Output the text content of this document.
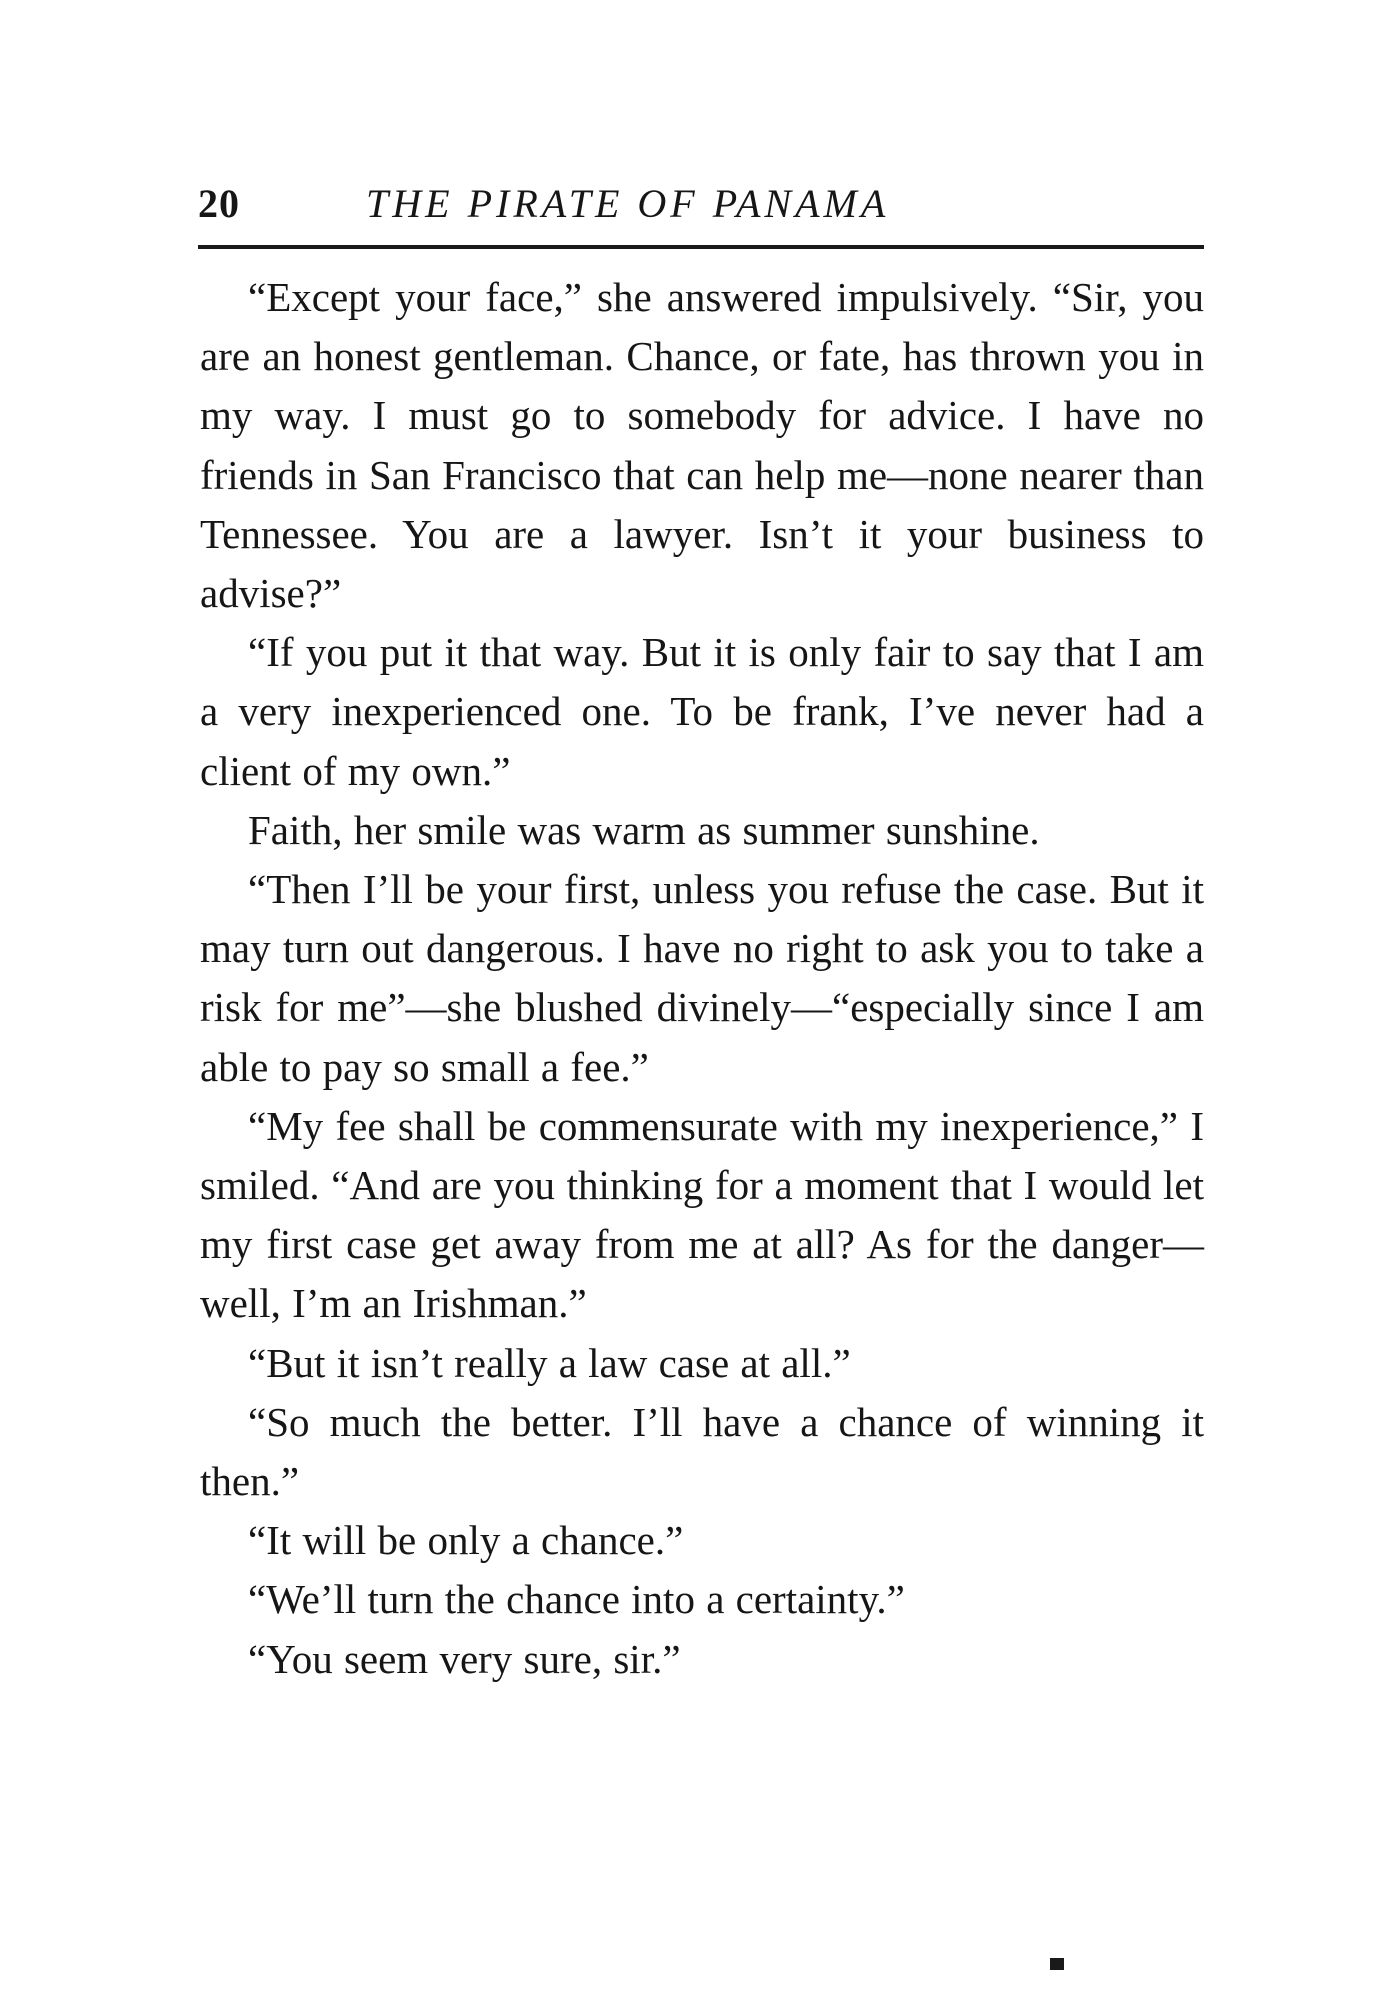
20	THE PIRATE OF PANAMA

“Except your face,” she answered impulsively. “Sir, you are an honest gentleman. Chance, or fate, has thrown you in my way. I must go to somebody for advice. I have no friends in San Francisco that can help me—none nearer than Tennessee. You are a lawyer. Isn’t it your business to advise?”

“If you put it that way. But it is only fair to say that I am a very inexperienced one. To be frank, I’ve never had a client of my own.”

Faith, her smile was warm as summer sunshine.

“Then I’ll be your first, unless you refuse the case. But it may turn out dangerous. I have no right to ask you to take a risk for me”—she blushed divinely—“especially since I am able to pay so small a fee.”

“My fee shall be commensurate with my inexperience,” I smiled. “And are you thinking for a moment that I would let my first case get away from me at all? As for the danger—well, I’m an Irishman.”

“But it isn’t really a law case at all.”

“So much the better. I’ll have a chance of winning it then.”

“It will be only a chance.”

“We’ll turn the chance into a certainty.”

“You seem very sure, sir.”
